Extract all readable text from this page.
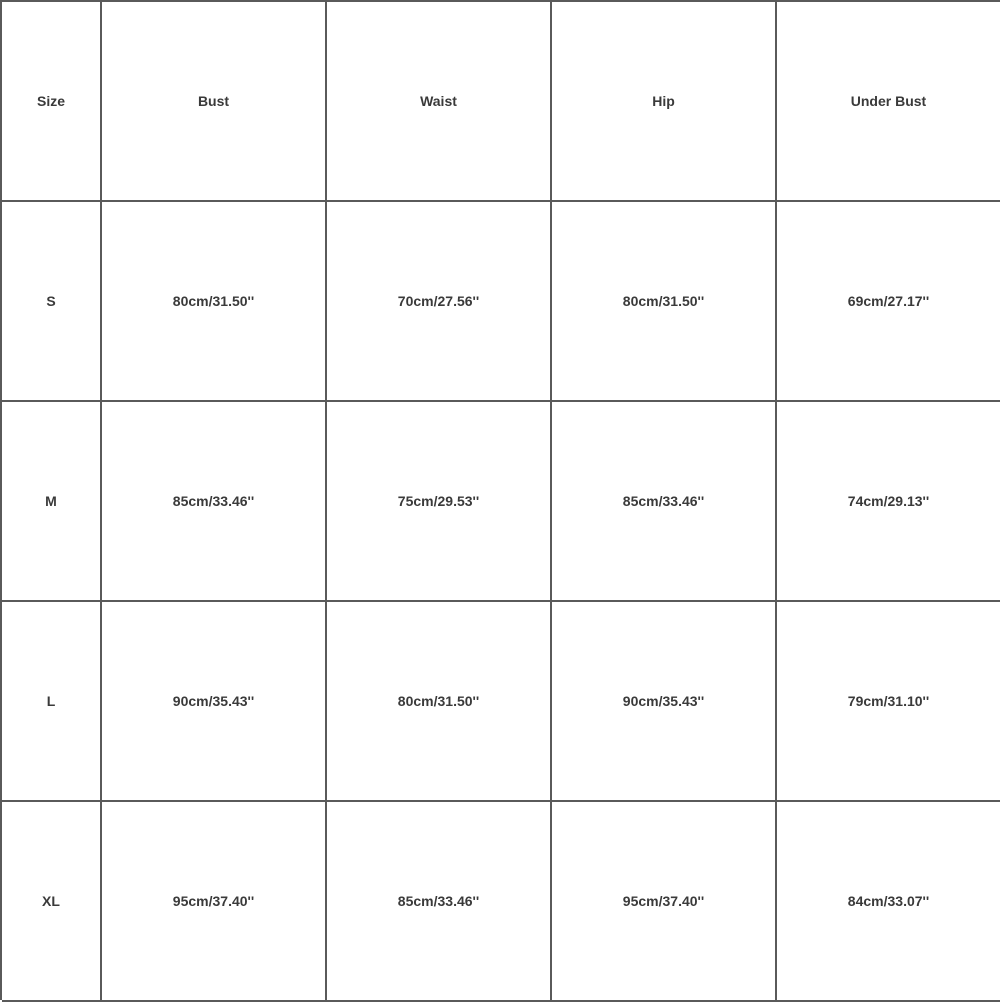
Size	Bust	Waist	Hip	Under Bust
S	80cm/31.50''	70cm/27.56''	80cm/31.50''	69cm/27.17''
M	85cm/33.46''	75cm/29.53''	85cm/33.46''	74cm/29.13''
L	90cm/35.43''	80cm/31.50''	90cm/35.43''	79cm/31.10''
XL	95cm/37.40''	85cm/33.46''	95cm/37.40''	84cm/33.07''
